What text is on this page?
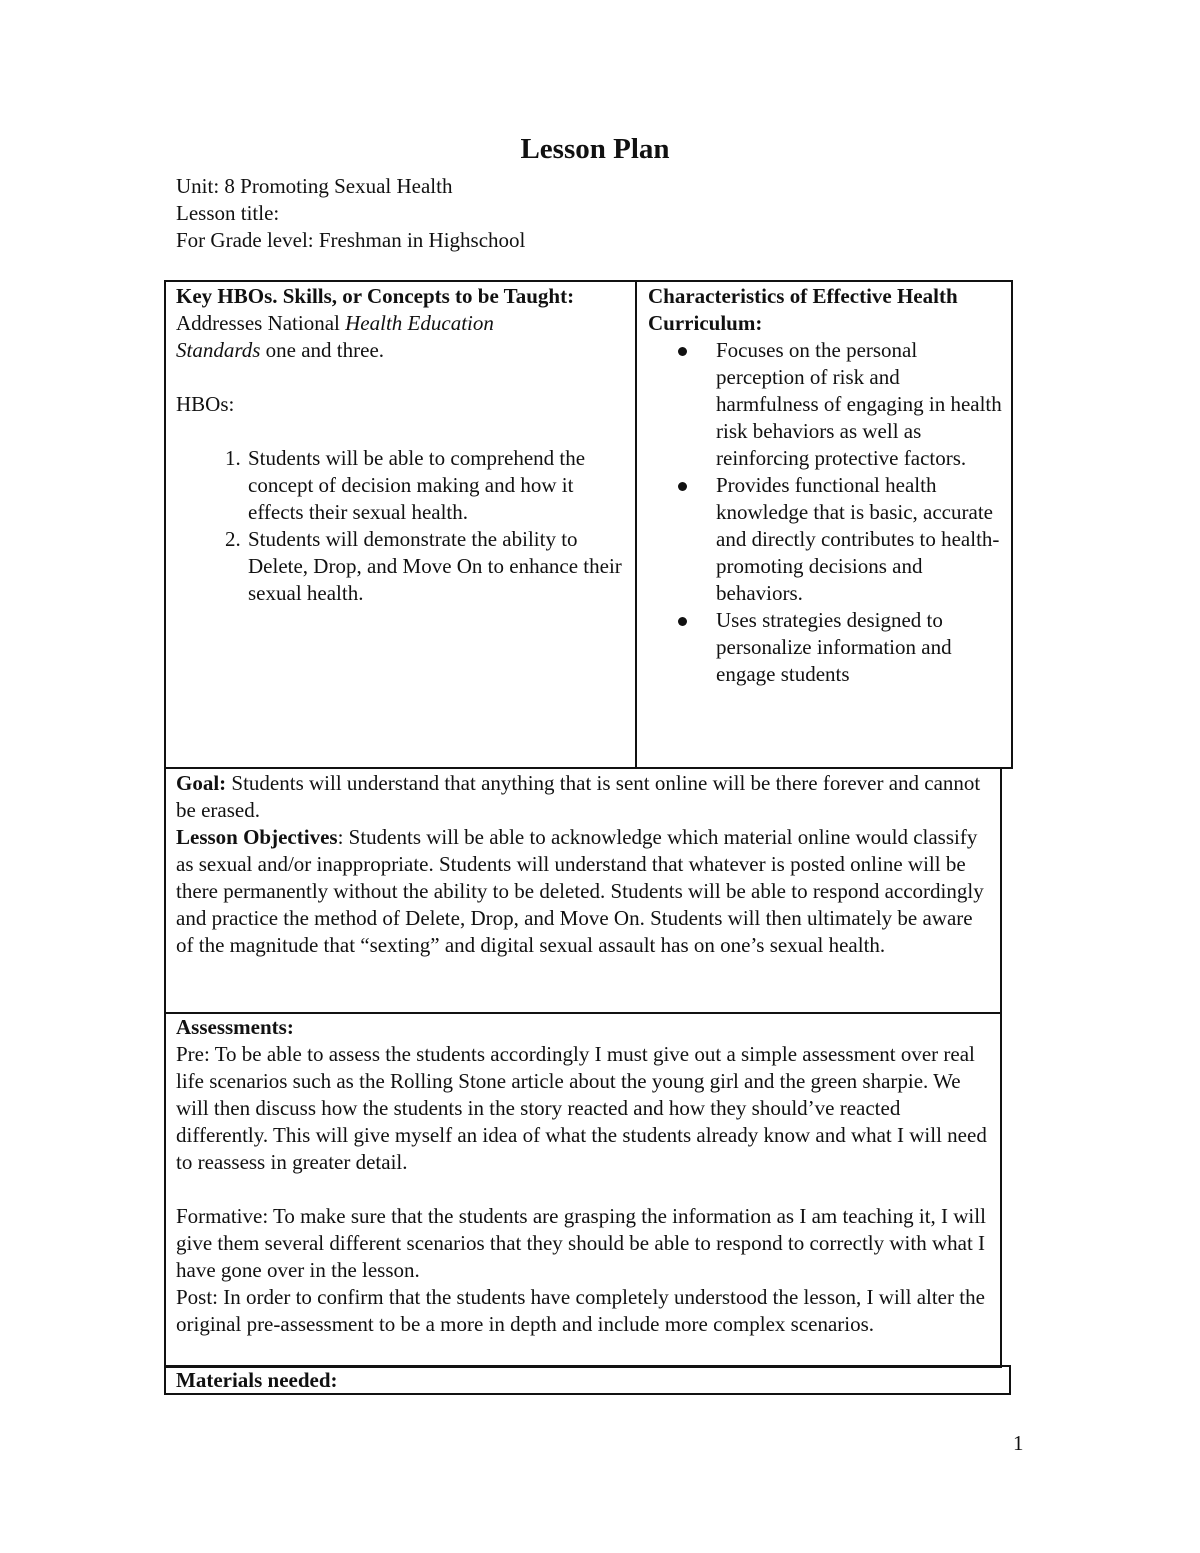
Lesson Plan
Unit: 8 Promoting Sexual Health
Lesson title:
For Grade level: Freshman in Highschool

Key HBOs. Skills, or Concepts to be Taught:

Addresses National Health Education
Standards one and three.

HBOs:

1. Students will be able to comprehend the concept of decision making and how it effects their sexual health.
2. Students will demonstrate the ability to Delete, Drop, and Move On to enhance their sexual health.

Characteristics of Effective Health Curriculum:

Focuses on the personal perception of risk and harmfulness of engaging in health risk behaviors as well as reinforcing protective factors.
Provides functional health knowledge that is basic, accurate and directly contributes to health-promoting decisions and behaviors.
Uses strategies designed to personalize information and engage students

Goal: Students will understand that anything that is sent online will be there forever and cannot be erased.

Lesson Objectives: Students will be able to acknowledge which material online would classify as sexual and/or inappropriate. Students will understand that whatever is posted online will be there permanently without the ability to be deleted. Students will be able to respond accordingly and practice the method of Delete, Drop, and Move On. Students will then ultimately be aware of the magnitude that “sexting” and digital sexual assault has on one’s sexual health.

Assessments:

Pre: To be able to assess the students accordingly I must give out a simple assessment over real life scenarios such as the Rolling Stone article about the young girl and the green sharpie. We will then discuss how the students in the story reacted and how they should’ve reacted differently. This will give myself an idea of what the students already know and what I will need to reassess in greater detail.

Formative: To make sure that the students are grasping the information as I am teaching it, I will give them several different scenarios that they should be able to respond to correctly with what I have gone over in the lesson.

Post: In order to confirm that the students have completely understood the lesson, I will alter the original pre-assessment to be a more in depth and include more complex scenarios.

Materials needed:

1
